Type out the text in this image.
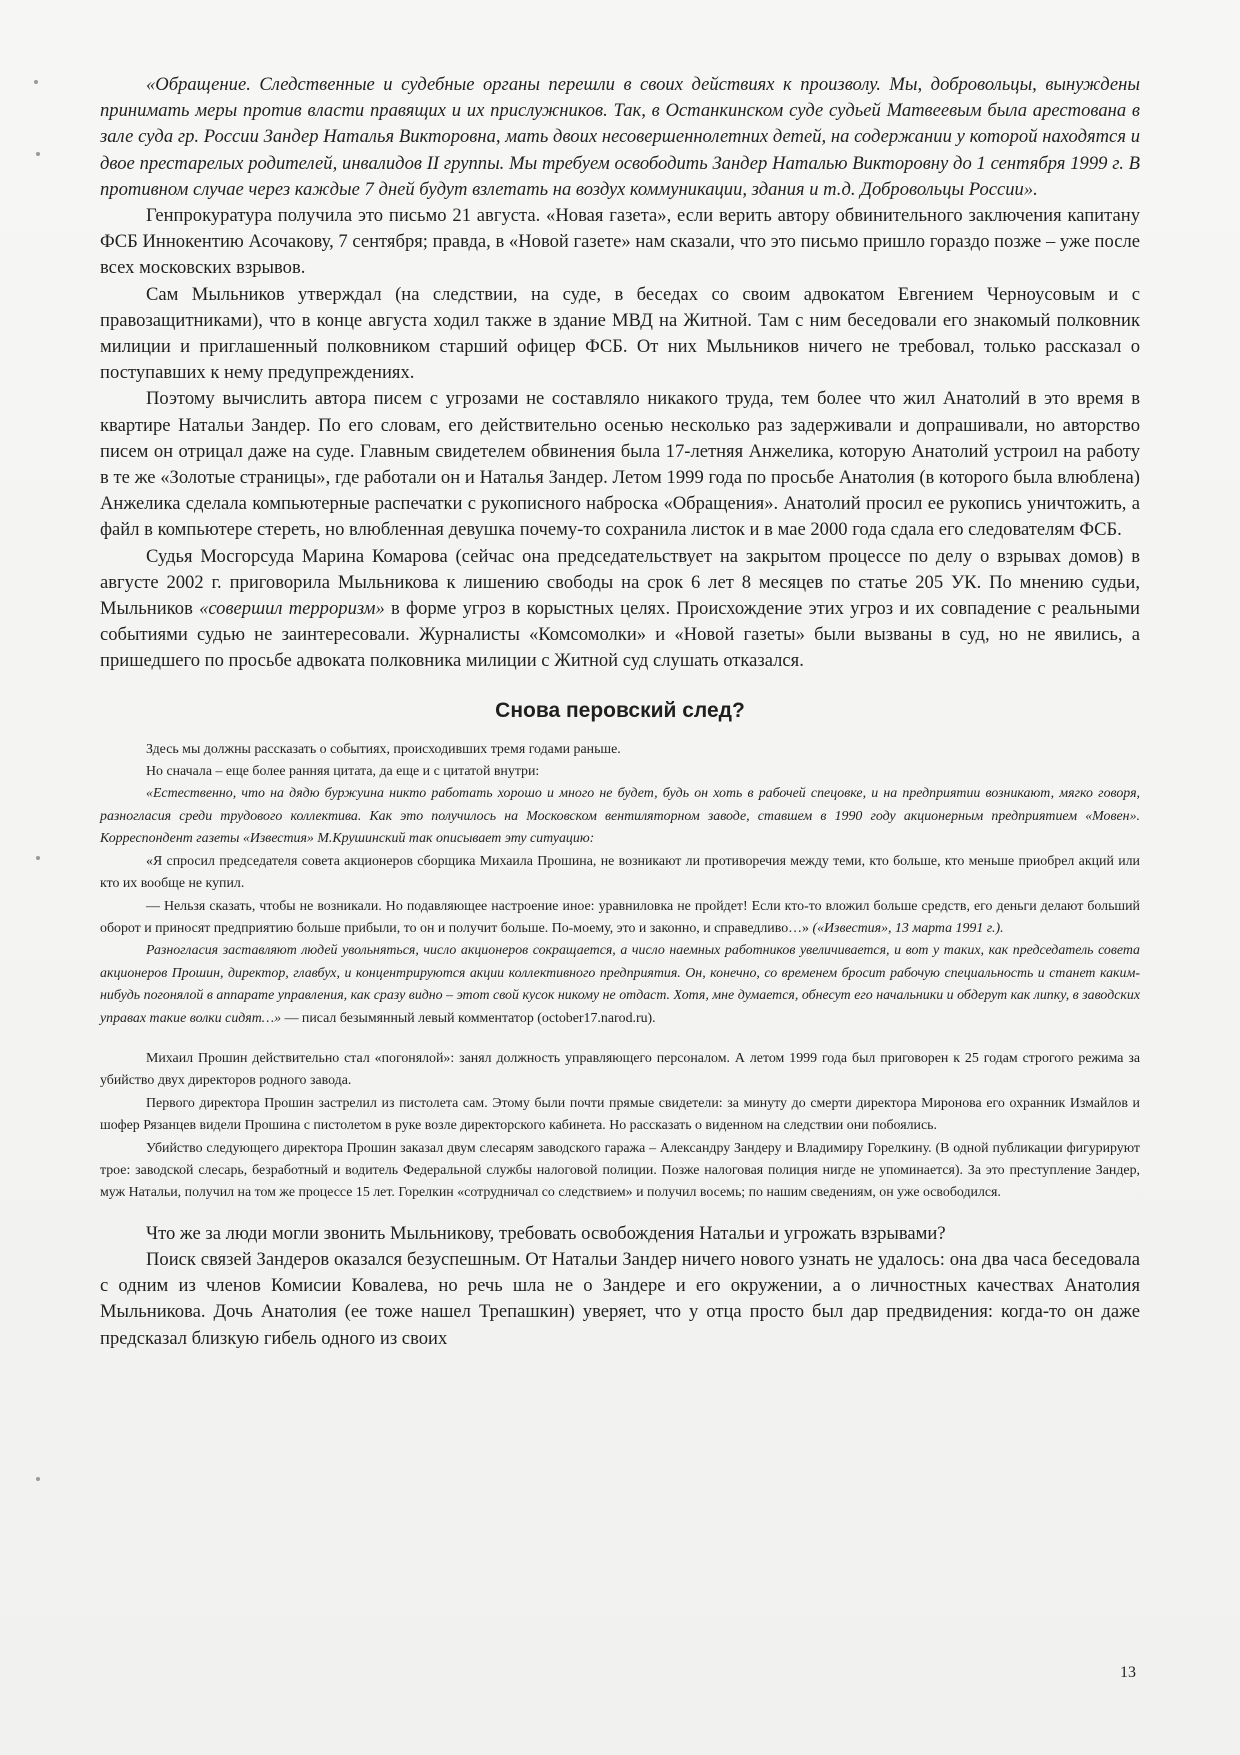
«Обращение. Следственные и судебные органы перешли в своих действиях к произволу. Мы, добровольцы, вынуждены принимать меры против власти правящих и их прислужников. Так, в Останкинском суде судьей Матвеевым была арестована в зале суда гр. России Зандер Наталья Викторовна, мать двоих несовершеннолетних детей, на содержании у которой находятся и двое престарелых родителей, инвалидов II группы. Мы требуем освободить Зандер Наталью Викторовну до 1 сентября 1999 г. В противном случае через каждые 7 дней будут взлетать на воздух коммуникации, здания и т.д. Добровольцы России».

Генпрокуратура получила это письмо 21 августа. «Новая газета», если верить автору обвинительного заключения капитану ФСБ Иннокентию Асочакову, 7 сентября; правда, в «Новой газете» нам сказали, что это письмо пришло гораздо позже – уже после всех московских взрывов.

Сам Мыльников утверждал (на следствии, на суде, в беседах со своим адвокатом Евгением Черноусовым и с правозащитниками), что в конце августа ходил также в здание МВД на Житной. Там с ним беседовали его знакомый полковник милиции и приглашенный полковником старший офицер ФСБ. От них Мыльников ничего не требовал, только рассказал о поступавших к нему предупреждениях.

Поэтому вычислить автора писем с угрозами не составляло никакого труда, тем более что жил Анатолий в это время в квартире Натальи Зандер. По его словам, его действительно осенью несколько раз задерживали и допрашивали, но авторство писем он отрицал даже на суде. Главным свидетелем обвинения была 17-летняя Анжелика, которую Анатолий устроил на работу в те же «Золотые страницы», где работали он и Наталья Зандер. Летом 1999 года по просьбе Анатолия (в которого была влюблена) Анжелика сделала компьютерные распечатки с рукописного наброска «Обращения». Анатолий просил ее рукопись уничтожить, а файл в компьютере стереть, но влюбленная девушка почему-то сохранила листок и в мае 2000 года сдала его следователям ФСБ.

Судья Мосгорсуда Марина Комарова (сейчас она председательствует на закрытом процессе по делу о взрывах домов) в августе 2002 г. приговорила Мыльникова к лишению свободы на срок 6 лет 8 месяцев по статье 205 УК. По мнению судьи, Мыльников «совершил терроризм» в форме угроз в корыстных целях. Происхождение этих угроз и их совпадение с реальными событиями судью не заинтересовали. Журналисты «Комсомолки» и «Новой газеты» были вызваны в суд, но не явились, а пришедшего по просьбе адвоката полковника милиции с Житной суд слушать отказался.

Снова перовский след?

Здесь мы должны рассказать о событиях, происходивших тремя годами раньше.

Но сначала – еще более ранняя цитата, да еще и с цитатой внутри:

«Естественно, что на дядю буржуина никто работать хорошо и много не будет, будь он хоть в рабочей спецовке, и на предприятии возникают, мягко говоря, разногласия среди трудового коллектива. Как это получилось на Московском вентиляторном заводе, ставшем в 1990 году акционерным предприятием «Мовен». Корреспондент газеты «Известия» М.Крушинский так описывает эту ситуацию:

«Я спросил председателя совета акционеров сборщика Михаила Прошина, не возникают ли противоречия между теми, кто больше, кто меньше приобрел акций или кто их вообще не купил.

— Нельзя сказать, чтобы не возникали. Но подавляющее настроение иное: уравниловка не пройдет! Если кто-то вложил больше средств, его деньги делают больший оборот и приносят предприятию больше прибыли, то он и получит больше. По-моему, это и законно, и справедливо…» («Известия», 13 марта 1991 г.).

Разногласия заставляют людей увольняться, число акционеров сокращается, а число наемных работников увеличивается, и вот у таких, как председатель совета акционеров Прошин, директор, главбух, и концентрируются акции коллективного предприятия. Он, конечно, со временем бросит рабочую специальность и станет каким-нибудь погонялой в аппарате управления, как сразу видно – этот свой кусок никому не отдаст. Хотя, мне думается, обнесут его начальники и обдерут как липку, в заводских управах такие волки сидят…» — писал безымянный левый комментатор (october17.narod.ru).

Михаил Прошин действительно стал «погонялой»: занял должность управляющего персоналом. А летом 1999 года был приговорен к 25 годам строгого режима за убийство двух директоров родного завода.

Первого директора Прошин застрелил из пистолета сам. Этому были почти прямые свидетели: за минуту до смерти директора Миронова его охранник Измайлов и шофер Рязанцев видели Прошина с пистолетом в руке возле директорского кабинета. Но рассказать о виденном на следствии они побоялись.

Убийство следующего директора Прошин заказал двум слесарям заводского гаража – Александру Зандеру и Владимиру Горелкину. (В одной публикации фигурируют трое: заводской слесарь, безработный и водитель Федеральной службы налоговой полиции. Позже налоговая полиция нигде не упоминается). За это преступление Зандер, муж Натальи, получил на том же процессе 15 лет. Горелкин «сотрудничал со следствием» и получил восемь; по нашим сведениям, он уже освободился.

Что же за люди могли звонить Мыльникову, требовать освобождения Натальи и угрожать взрывами?

Поиск связей Зандеров оказался безуспешным. От Натальи Зандер ничего нового узнать не удалось: она два часа беседовала с одним из членов Комисии Ковалева, но речь шла не о Зандере и его окружении, а о личностных качествах Анатолия Мыльникова. Дочь Анатолия (ее тоже нашел Трепашкин) уверяет, что у отца просто был дар предвидения: когда-то он даже предсказал близкую гибель одного из своих

13
